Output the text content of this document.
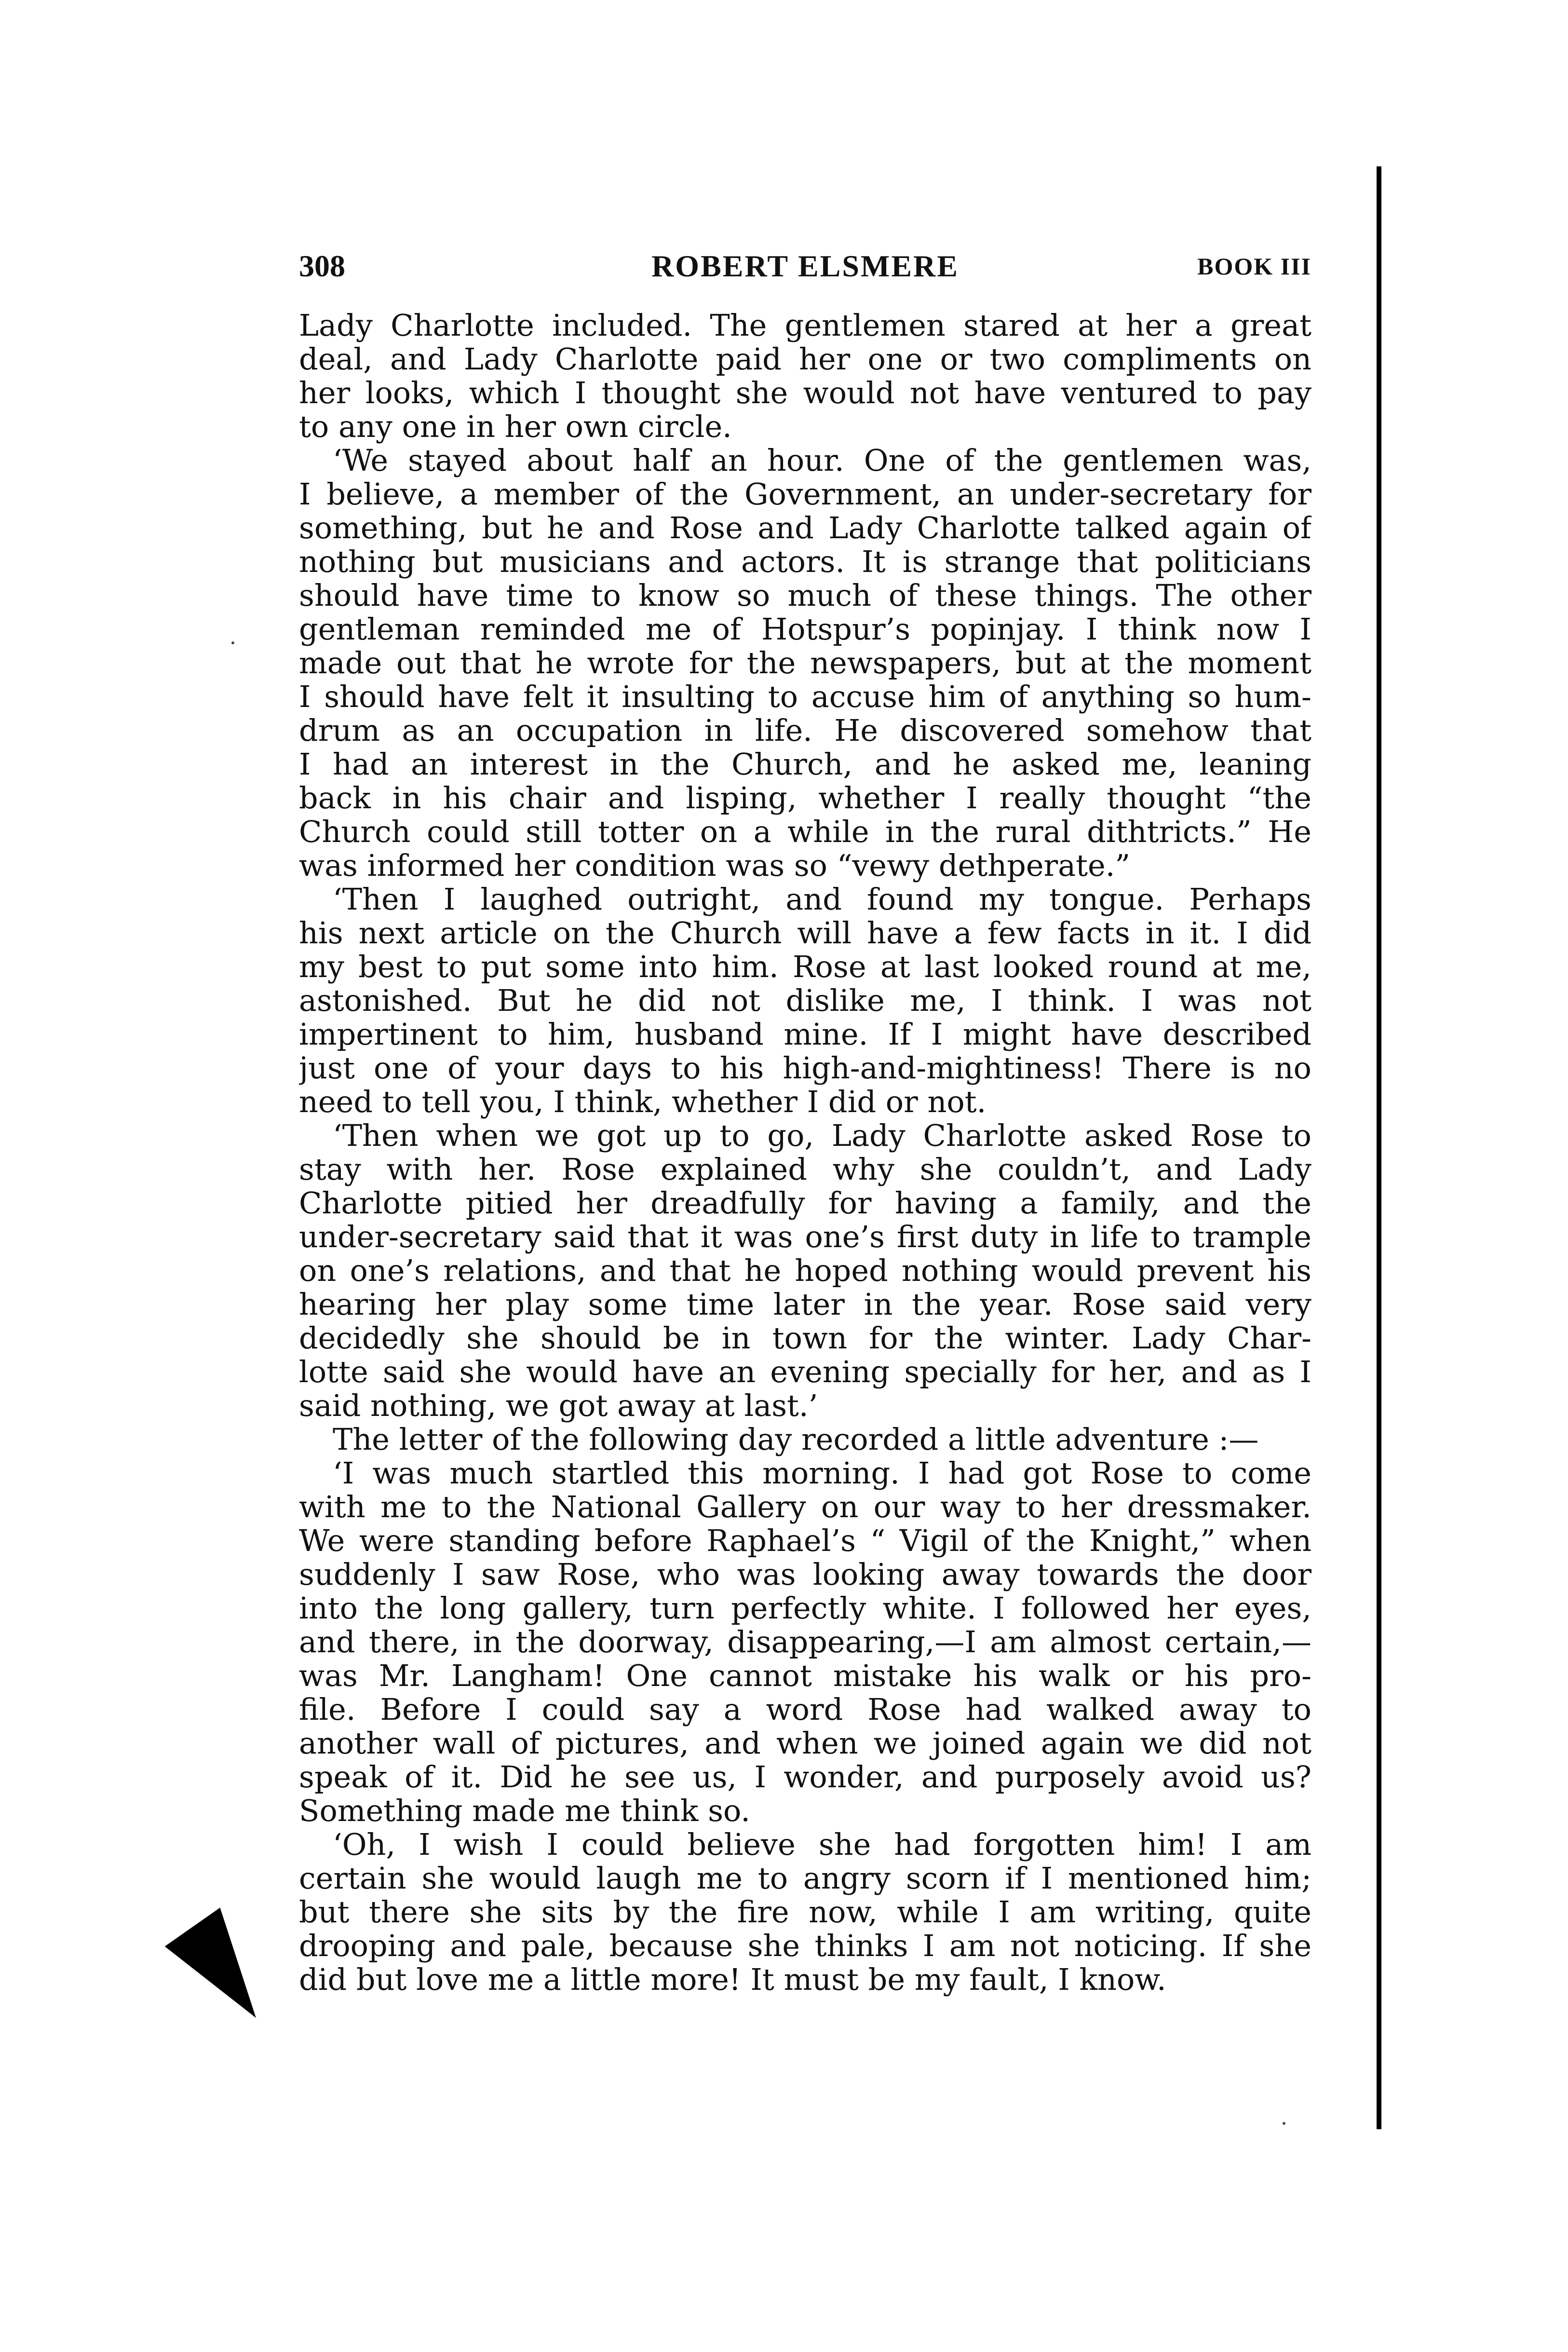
308	ROBERT ELSMERE	BOOK III
Lady Charlotte included. The gentlemen stared at her a great
deal, and Lady Charlotte paid her one or two compliments on
her looks, which I thought she would not have ventured to pay
to any one in her own circle.
‘We stayed about half an hour. One of the gentlemen was,
I believe, a member of the Government, an under-secretary for
something, but he and Rose and Lady Charlotte talked again of
nothing but musicians and actors. It is strange that politicians
should have time to know so much of these things. The other
gentleman reminded me of Hotspur’s popinjay. I think now I
made out that he wrote for the newspapers, but at the moment
I should have felt it insulting to accuse him of anything so hum-
drum as an occupation in life. He discovered somehow that
I had an interest in the Church, and he asked me, leaning
back in his chair and lisping, whether I really thought “the
Church could still totter on a while in the rural dithtricts.” He
was informed her condition was so “vewy dethperate.”
‘Then I laughed outright, and found my tongue. Perhaps
his next article on the Church will have a few facts in it. I did
my best to put some into him. Rose at last looked round at me,
astonished. But he did not dislike me, I think. I was not
impertinent to him, husband mine. If I might have described
just one of your days to his high-and-mightiness! There is no
need to tell you, I think, whether I did or not.
‘Then when we got up to go, Lady Charlotte asked Rose to
stay with her. Rose explained why she couldn’t, and Lady
Charlotte pitied her dreadfully for having a family, and the
under-secretary said that it was one’s first duty in life to trample
on one’s relations, and that he hoped nothing would prevent his
hearing her play some time later in the year. Rose said very
decidedly she should be in town for the winter. Lady Char-
lotte said she would have an evening specially for her, and as I
said nothing, we got away at last.’
The letter of the following day recorded a little adventure :—
‘I was much startled this morning. I had got Rose to come
with me to the National Gallery on our way to her dressmaker.
We were standing before Raphael’s “ Vigil of the Knight,” when
suddenly I saw Rose, who was looking away towards the door
into the long gallery, turn perfectly white. I followed her eyes,
and there, in the doorway, disappearing,—I am almost certain,—
was Mr. Langham! One cannot mistake his walk or his pro-
file. Before I could say a word Rose had walked away to
another wall of pictures, and when we joined again we did not
speak of it. Did he see us, I wonder, and purposely avoid us?
Something made me think so.
‘Oh, I wish I could believe she had forgotten him! I am
certain she would laugh me to angry scorn if I mentioned him;
but there she sits by the fire now, while I am writing, quite
drooping and pale, because she thinks I am not noticing. If she
did but love me a little more! It must be my fault, I know.
